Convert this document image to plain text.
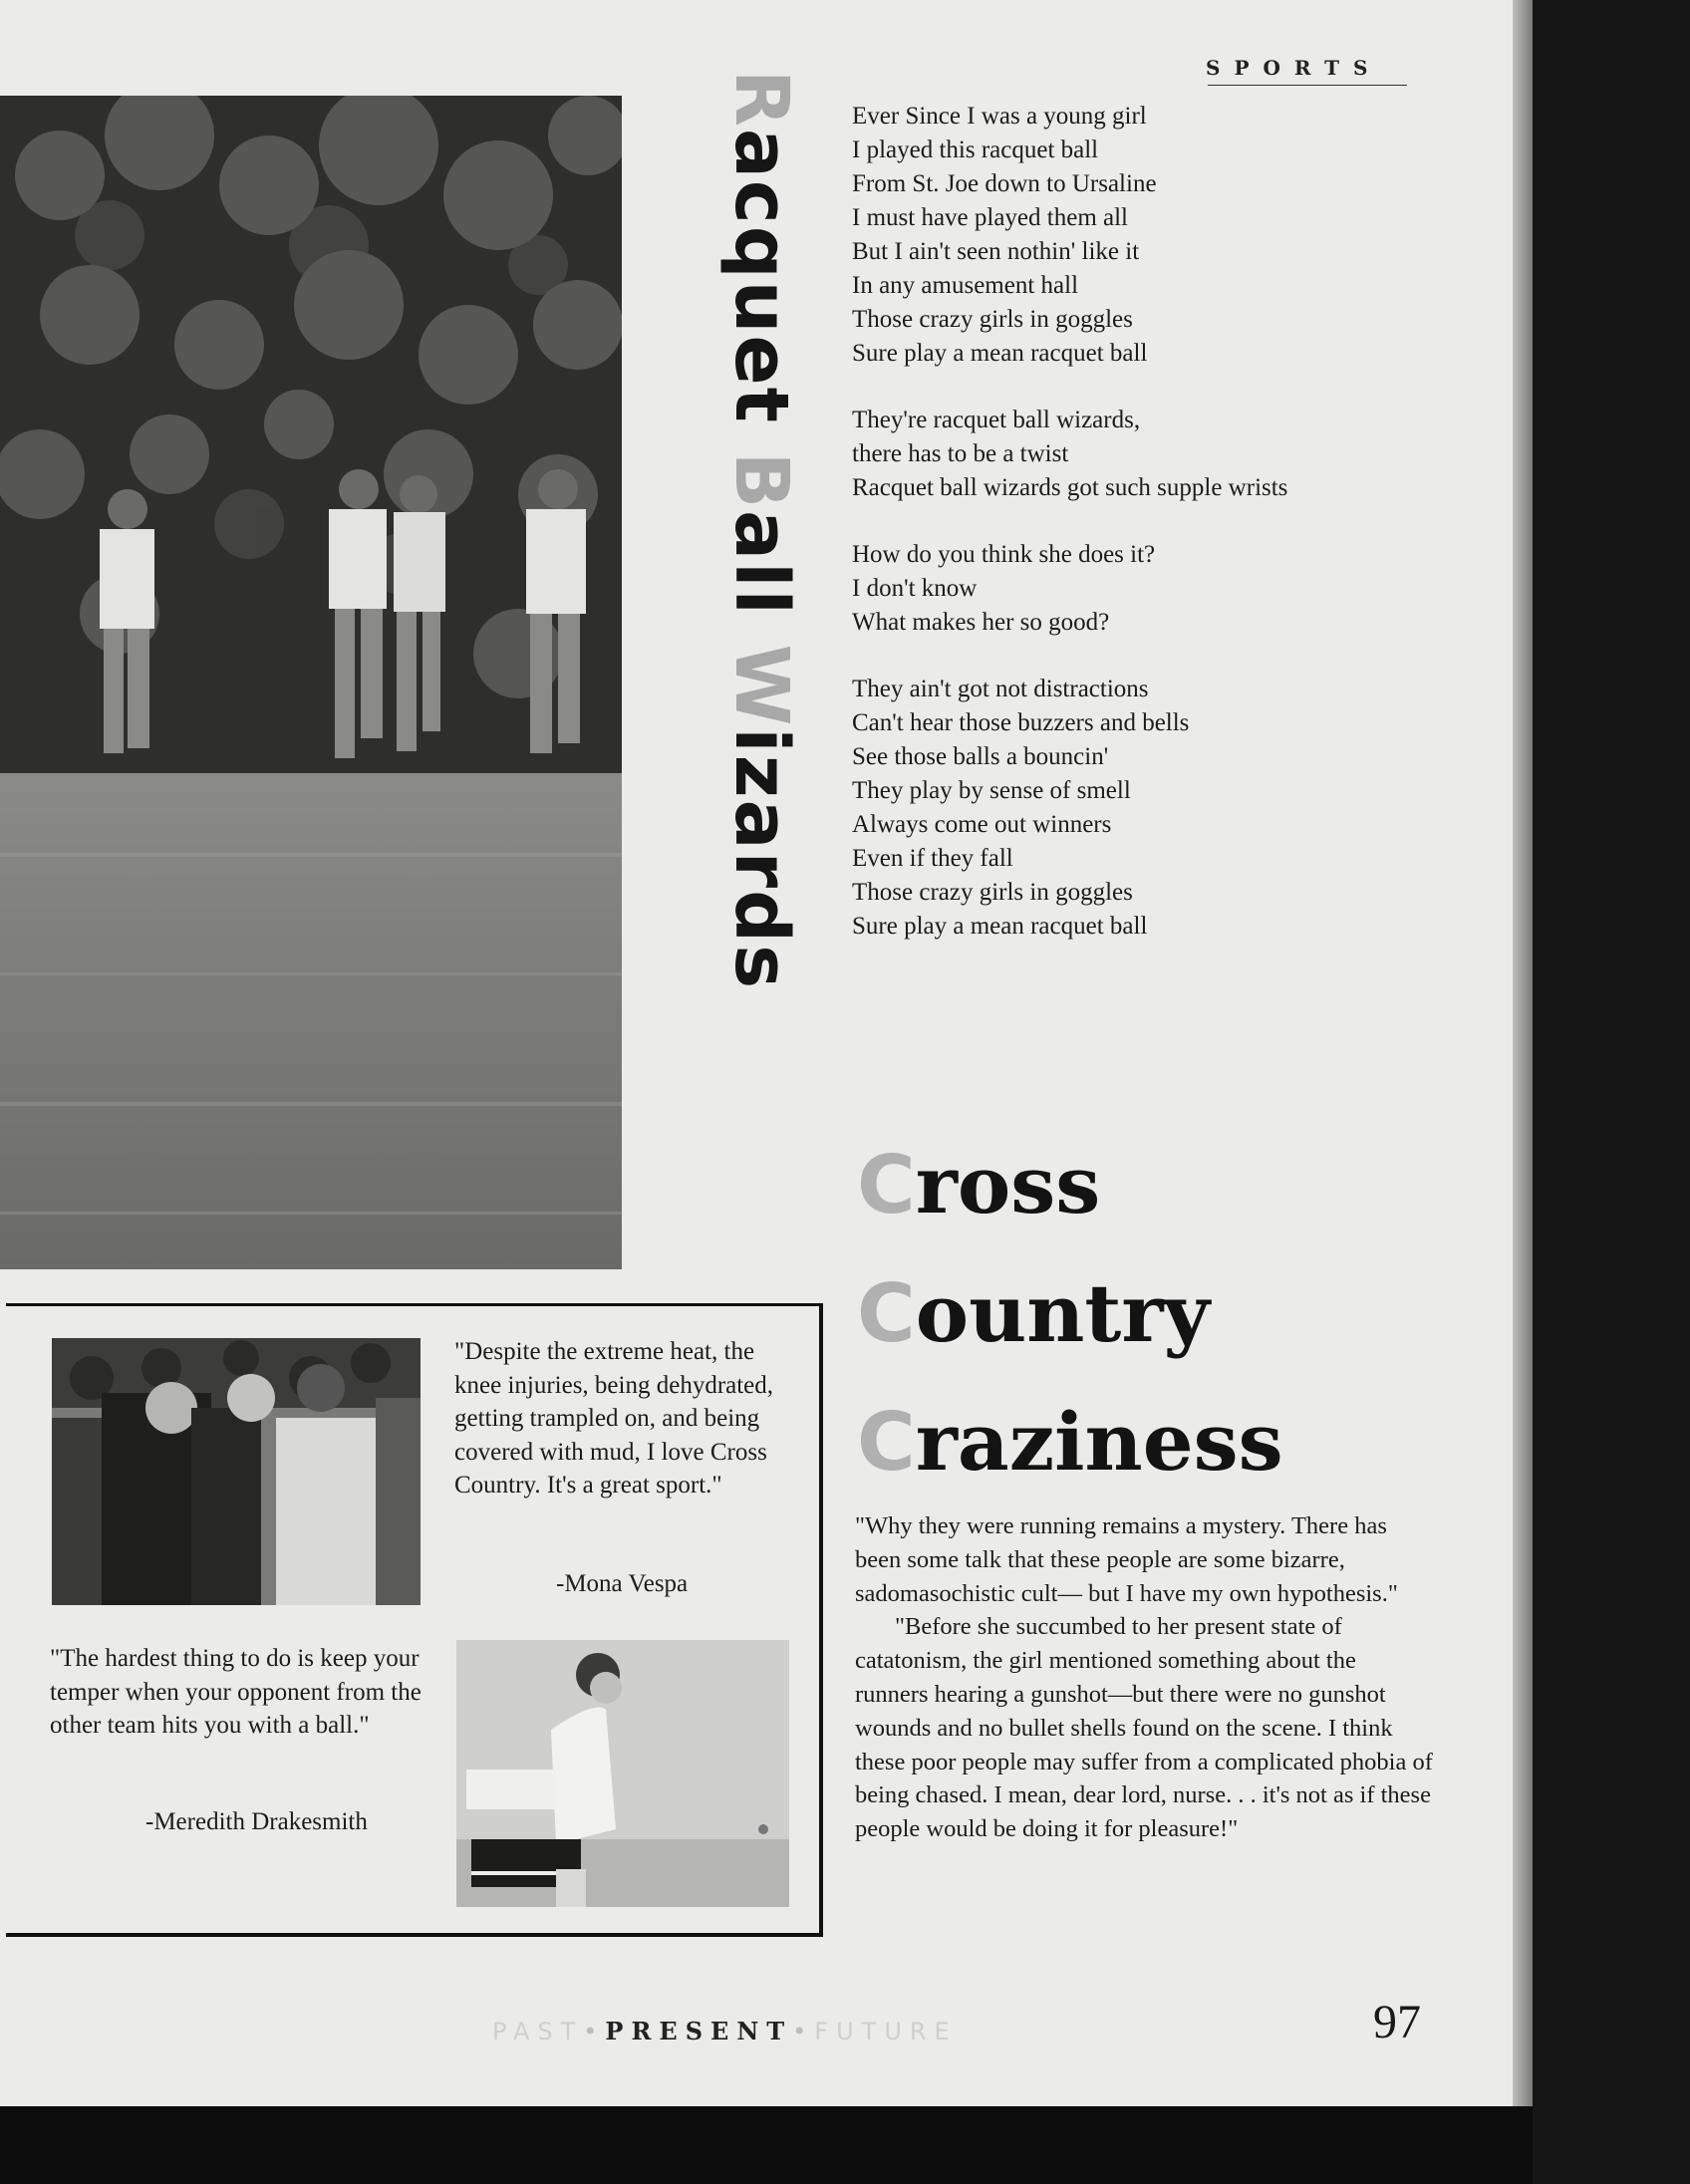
SPORTS
Racquet Ball Wizards
Ever Since I was a young girl
I played this racquet ball
From St. Joe down to Ursaline
I must have played them all
But I ain't seen nothin' like it
In any amusement hall
Those crazy girls in goggles
Sure play a mean racquet ball
They're racquet ball wizards,
there has to be a twist
Racquet ball wizards got such supple wrists
How do you think she does it?
I don't know
What makes her so good?
They ain't got not distractions
Can't hear those buzzers and bells
See those balls a bouncin'
They play by sense of smell
Always come out winners
Even if they fall
Those crazy girls in goggles
Sure play a mean racquet ball
Cross
Country
Craziness

"Why they were running remains a mystery. There has been some talk that these people are some bizarre, sadomasochistic cult— but I have my own hypothesis."

"Before she succumbed to her present state of catatonism, the girl mentioned something about the runners hearing a gunshot—but there were no gunshot wounds and no bullet shells found on the scene. I think these poor people may suffer from a complicated phobia of being chased. I mean, dear lord, nurse. . . it's not as if these people would be doing it for pleasure!"

"Despite the extreme heat, the knee injuries, being dehydrated, getting trampled on, and being covered with mud, I love Cross Country. It's a great sport."
-Mona Vespa
"The hardest thing to do is keep your temper when your opponent from the other team hits you with a ball."
-Meredith Drakesmith
PAST•PRESENT•FUTURE	97
